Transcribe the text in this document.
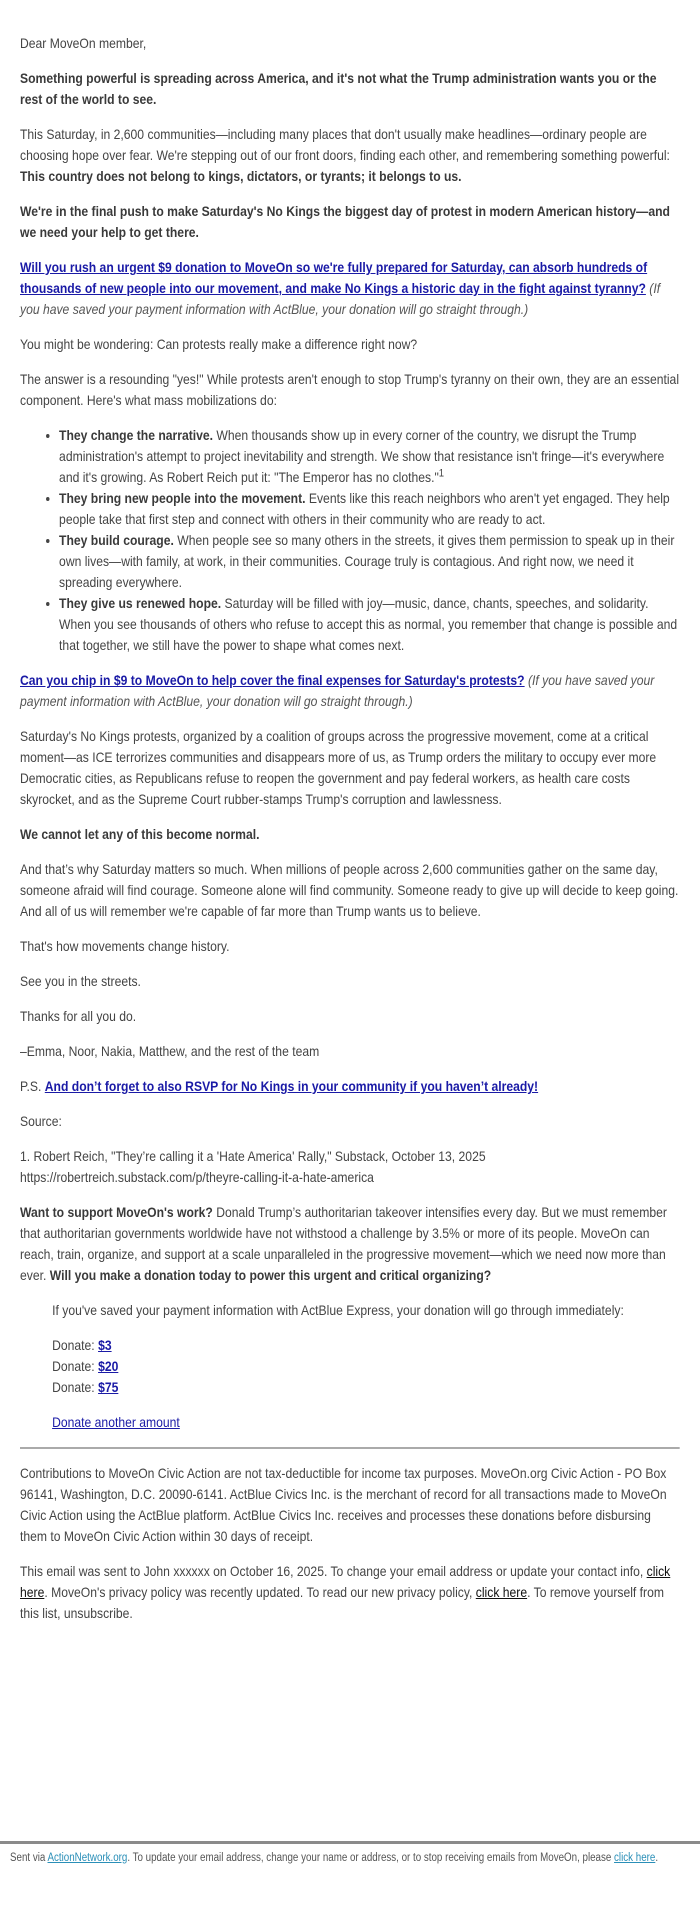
Dear MoveOn member,

Something powerful is spreading across America, and it's not what the Trump administration wants you or the rest of the world to see.

This Saturday, in 2,600 communities—including many places that don't usually make headlines—ordinary people are choosing hope over fear. We're stepping out of our front doors, finding each other, and remembering something powerful: This country does not belong to kings, dictators, or tyrants; it belongs to us.

We're in the final push to make Saturday's No Kings the biggest day of protest in modern American history—and we need your help to get there.

Will you rush an urgent $9 donation to MoveOn so we're fully prepared for Saturday, can absorb hundreds of thousands of new people into our movement, and make No Kings a historic day in the fight against tyranny? (If you have saved your payment information with ActBlue, your donation will go straight through.)

You might be wondering: Can protests really make a difference right now?

The answer is a resounding "yes!" While protests aren't enough to stop Trump's tyranny on their own, they are an essential component. Here's what mass mobilizations do:

• They change the narrative. When thousands show up in every corner of the country, we disrupt the Trump administration's attempt to project inevitability and strength. We show that resistance isn't fringe—it's everywhere and it's growing. As Robert Reich put it: "The Emperor has no clothes."$^1$
• They bring new people into the movement. Events like this reach neighbors who aren't yet engaged. They help people take that first step and connect with others in their community who are ready to act.
• They build courage. When people see so many others in the streets, it gives them permission to speak up in their own lives—with family, at work, in their communities. Courage truly is contagious. And right now, we need it spreading everywhere.
• They give us renewed hope. Saturday will be filled with joy—music, dance, chants, speeches, and solidarity. When you see thousands of others who refuse to accept this as normal, you remember that change is possible and that together, we still have the power to shape what comes next.

Can you chip in $9 to MoveOn to help cover the final expenses for Saturday's protests? (If you have saved your payment information with ActBlue, your donation will go straight through.)

Saturday's No Kings protests, organized by a coalition of groups across the progressive movement, come at a critical moment—as ICE terrorizes communities and disappears more of us, as Trump orders the military to occupy ever more Democratic cities, as Republicans refuse to reopen the government and pay federal workers, as health care costs skyrocket, and as the Supreme Court rubber-stamps Trump's corruption and lawlessness.

We cannot let any of this become normal.

And that’s why Saturday matters so much. When millions of people across 2,600 communities gather on the same day, someone afraid will find courage. Someone alone will find community. Someone ready to give up will decide to keep going. And all of us will remember we're capable of far more than Trump wants us to believe.

That's how movements change history.

See you in the streets.

Thanks for all you do.

–Emma, Noor, Nakia, Matthew, and the rest of the team

P.S. And don’t forget to also RSVP for No Kings in your community if you haven’t already!

Source:

1. Robert Reich, "They’re calling it a 'Hate America' Rally," Substack, October 13, 2025
https://robertreich.substack.com/p/theyre-calling-it-a-hate-america

Want to support MoveOn's work? Donald Trump’s authoritarian takeover intensifies every day. But we must remember that authoritarian governments worldwide have not withstood a challenge by 3.5% or more of its people. MoveOn can reach, train, organize, and support at a scale unparalleled in the progressive movement—which we need now more than ever. Will you make a donation today to power this urgent and critical organizing?

If you've saved your payment information with ActBlue Express, your donation will go through immediately:

Donate: $3

Donate: $20

Donate: $75

Donate another amount

Contributions to MoveOn Civic Action are not tax-deductible for income tax purposes. MoveOn.org Civic Action - PO Box 96141, Washington, D.C. 20090-6141. ActBlue Civics Inc. is the merchant of record for all transactions made to MoveOn Civic Action using the ActBlue platform. ActBlue Civics Inc. receives and processes these donations before disbursing them to MoveOn Civic Action within 30 days of receipt.

This email was sent to John xxxxxx on October 16, 2025. To change your email address or update your contact info, click here. MoveOn's privacy policy was recently updated. To read our new privacy policy, click here. To remove yourself from this list, unsubscribe.

Sent via ActionNetwork.org. To update your email address, change your name or address, or to stop receiving emails from MoveOn, please click here.
